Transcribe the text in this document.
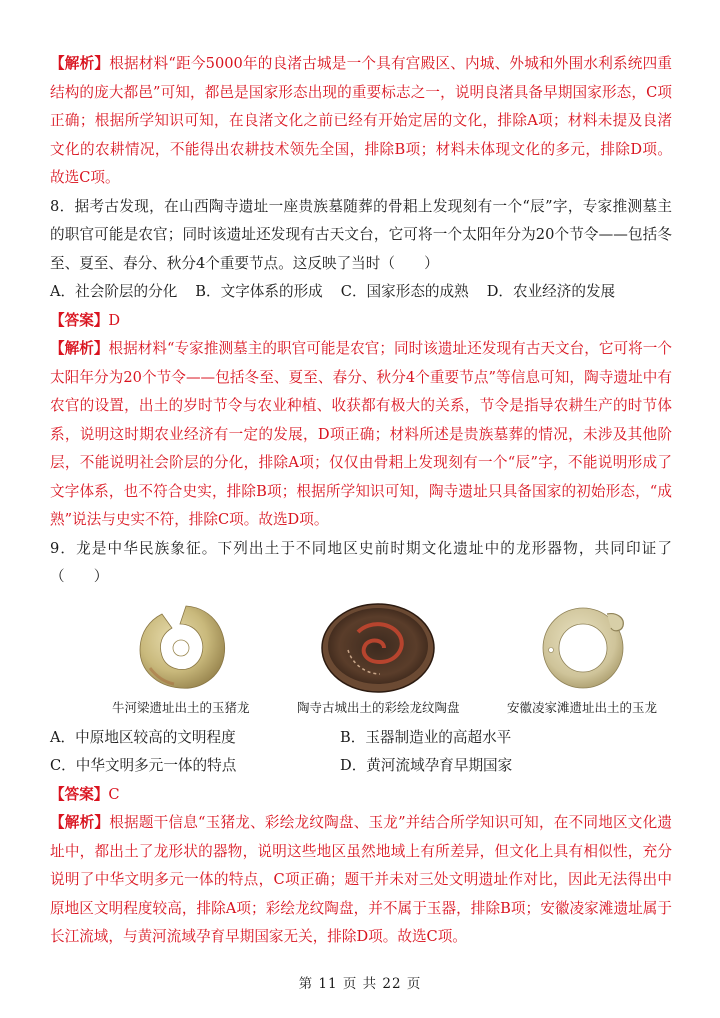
【解析】根据材料“距今5000年的良渚古城是一个具有宫殿区、内城、外城和外围水利系统四重结构的庞大都邑”可知，都邑是国家形态出现的重要标志之一，说明良渚具备早期国家形态，C项正确；根据所学知识可知，在良渚文化之前已经有开始定居的文化，排除A项；材料未提及良渚文化的农耕情况，不能得出农耕技术领先全国，排除B项；材料未体现文化的多元，排除D项。 故选C项。

8．据考古发现，在山西陶寺遗址一座贵族墓随葬的骨耜上发现刻有一个“辰”字，专家推测墓主的职官可能是农官；同时该遗址还发现有古天文台，它可将一个太阳年分为20个节令——包括冬至、夏至、春分、秋分4个重要节点。这反映了当时（　　）

A．社会阶层的分化 B．文字体系的形成 C．国家形态的成熟 D．农业经济的发展

【答案】D

【解析】根据材料“专家推测墓主的职官可能是农官；同时该遗址还发现有古天文台，它可将一个太阳年分为20个节令——包括冬至、夏至、春分、秋分4个重要节点”等信息可知，陶寺遗址中有农官的设置，出土的岁时节令与农业种植、收获都有极大的关系，节令是指导农耕生产的时节体系，说明这时期农业经济有一定的发展，D项正确；材料所述是贵族墓葬的情况，未涉及其他阶层，不能说明社会阶层的分化，排除A项；仅仅由骨耜上发现刻有一个“辰”字，不能说明形成了文字体系，也不符合史实，排除B项；根据所学知识可知，陶寺遗址只具备国家的初始形态，“成熟”说法与史实不符，排除C项。故选D项。

9．龙是中华民族象征。下列出土于不同地区史前时期文化遗址中的龙形器物，共同印证了（　　）

牛河梁遗址出土的玉猪龙	陶寺古城出土的彩绘龙纹陶盘	安徽凌家滩遗址出土的玉龙

A．中原地区较高的文明程度	B．玉器制造业的高超水平

C．中华文明多元一体的特点	D．黄河流域孕育早期国家

【答案】C

【解析】根据题干信息“玉猪龙、彩绘龙纹陶盘、玉龙”并结合所学知识可知，在不同地区文化遗址中，都出土了龙形状的器物，说明这些地区虽然地域上有所差异，但文化上具有相似性，充分说明了中华文明多元一体的特点，C项正确；题干并未对三处文明遗址作对比，因此无法得出中原地区文明程度较高，排除A项；彩绘龙纹陶盘，并不属于玉器，排除B项；安徽凌家滩遗址属于长江流域，与黄河流域孕育早期国家无关，排除D项。故选C项。

第 11 页 共 22 页
